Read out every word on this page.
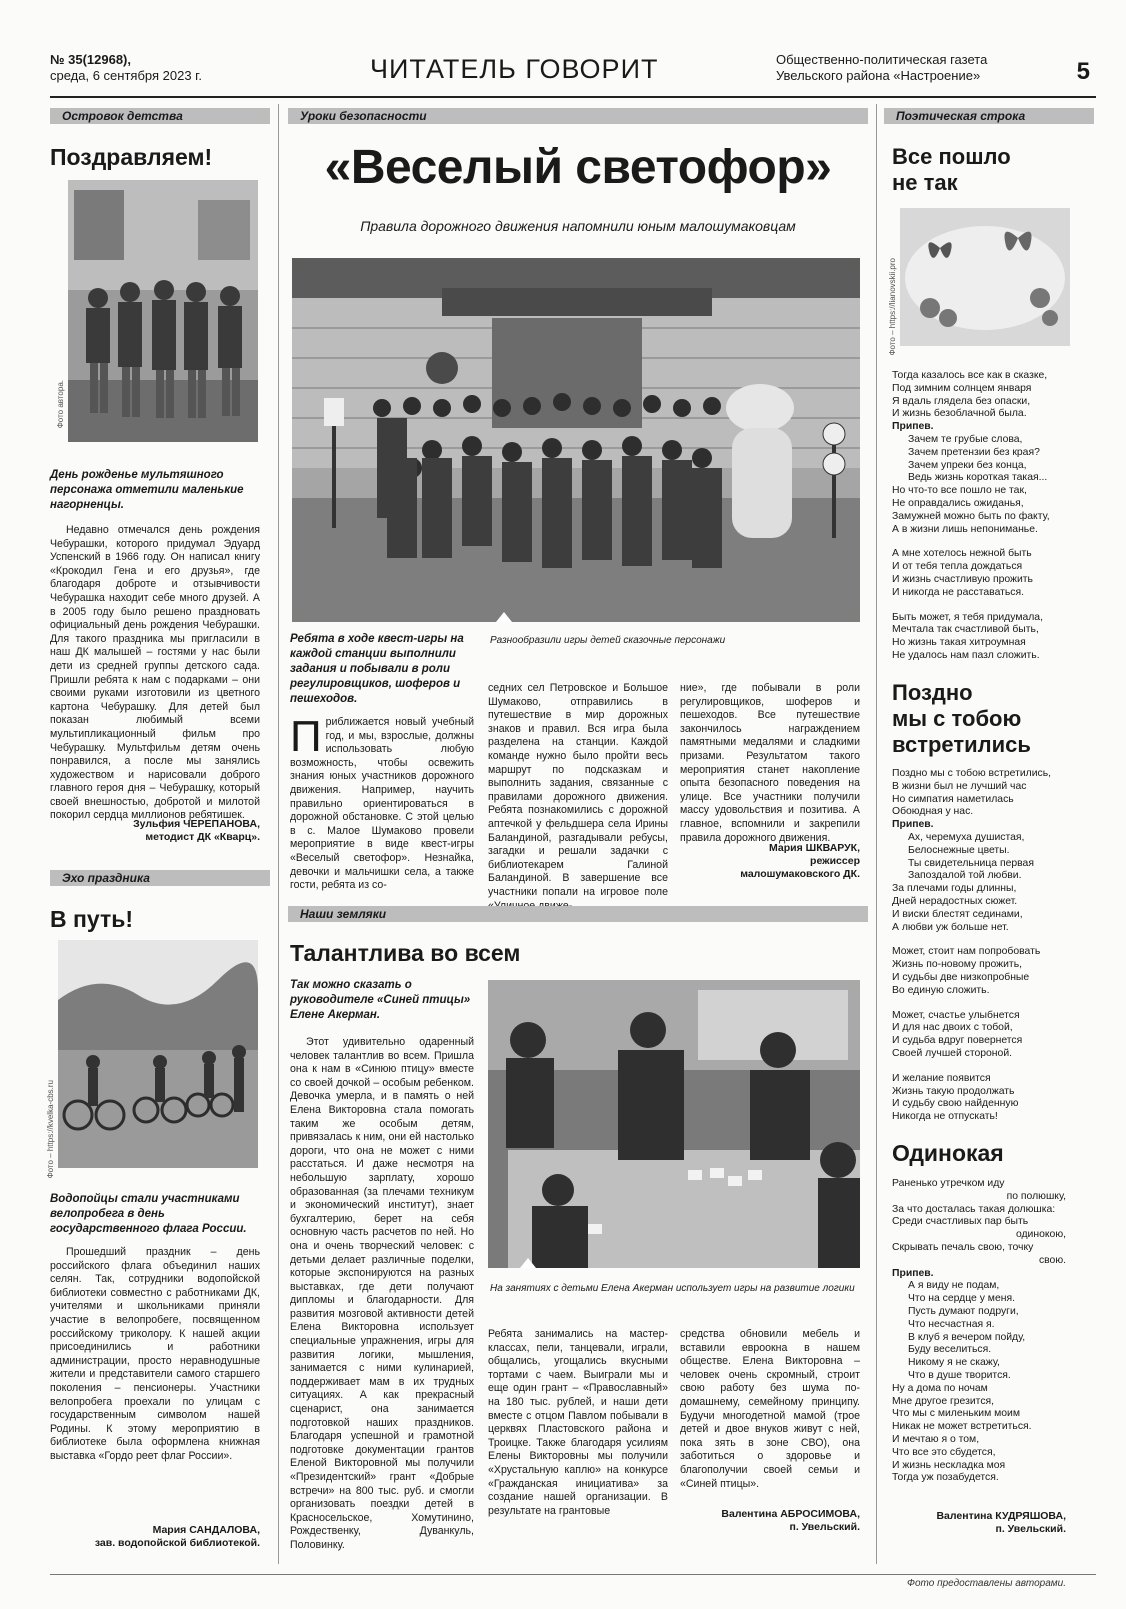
№ 35(12968),
среда, 6 сентября 2023 г.	ЧИТАТЕЛЬ ГОВОРИТ	Общественно-политическая газета
Увельского района «Настроение»	5
Островок детства
Поздравляем!
Фото автора.
День рожденье мультяшного персонажа отметили маленькие нагорненцы.

Недавно отмечался день рождения Чебурашки, которого придумал Эдуард Успенский в 1966 году. Он написал книгу «Крокодил Гена и его друзья», где благодаря доброте и отзывчивости Чебурашка находит себе много друзей. А в 2005 году было решено праздновать официальный день рождения Чебурашки. Для такого праздника мы пригласили в наш ДК малышей – гостями у нас были дети из средней группы детского сада. Пришли ребята к нам с подарками – они своими руками изготовили из цветного картона Чебурашку. Для детей был показан любимый всеми мультипликационный фильм про Чебурашку. Мультфильм детям очень понравился, а после мы занялись художеством и нарисовали доброго главного героя дня – Чебурашку, который своей внешностью, добротой и милотой покорил сердца миллионов ребятишек.

Зульфия ЧЕРЕПАНОВА,
методист ДК «Кварц».
Эхо праздника
В путь!
Фото – https://kvelka-cbs.ru
Водопойцы стали участниками велопробега в день государственного флага России.

Прошедший праздник – день российского флага объединил наших селян. Так, сотрудники водопойской библиотеки совместно с работниками ДК, учителями и школьниками приняли участие в велопробеге, посвященном российскому триколору. К нашей акции присоединились и работники администрации, просто неравнодушные жители и представители самого старшего поколения – пенсионеры. Участники велопробега проехали по улицам с государственным символом нашей Родины. К этому мероприятию в библиотеке была оформлена книжная выставка «Гордо реет флаг России».

Мария САНДАЛОВА,
зав. водопойской библиотекой.
Уроки безопасности
«Веселый светофор»
Правила дорожного движения напомнили юным малошумаковцам
Ребята в ходе квест-игры на каждой станции выполнили задания и побывали в роли регулировщиков, шоферов и пешеходов.
Разнообразили игры детей сказочные персонажи
Приближается новый учебный год, и мы, взрослые, должны использовать любую возможность, чтобы освежить знания юных участников дорожного движения. Например, научить правильно ориентироваться в дорожной обстановке. С этой целью в с. Малое Шумаково провели мероприятие в виде квест-игры «Веселый светофор». Незнайка, девочки и мальчишки села, а также гости, ребята из со-
седних сел Петровское и Большое Шумаково, отправились в путешествие в мир дорожных знаков и правил. Вся игра была разделена на станции. Каждой команде нужно было пройти весь маршрут по подсказкам и выполнить задания, связанные с правилами дорожного движения. Ребята познакомились с дорожной аптечкой у фельдшера села Ирины Баландиной, разгадывали ребусы, загадки и решали задачки с библиотекарем Галиной Баландиной. В завершение все участники попали на игровое поле
ние», где побывали в роли регулировщиков, шоферов и пешеходов. Все путешествие закончилось награждением памятными медалями и сладкими призами. Результатом такого мероприятия станет накопление опыта безопасного поведения на улице. Все участники получили массу удовольствия и позитива. А главное, вспомнили и закрепили правила дорожного движения.
Мария ШКВАРУК,
режиссер
малошумаковского ДК.
Наши земляки
Талантлива во всем
Так можно сказать о руководителе «Синей птицы» Елене Акерман.
На занятиях с детьми Елена Акерман использует игры на развитие логики

Этот удивительно одаренный человек талантлив во всем. Пришла она к нам в «Синюю птицу» вместе со своей дочкой – особым ребенком. Девочка умерла, и в память о ней Елена Викторовна стала помогать таким же особым детям, привязалась к ним, они ей настолько дороги, что она не может с ними расстаться. И даже несмотря на небольшую зарплату, хорошо образованная (за плечами техникум и экономический институт), знает бухгалтерию, берет на себя основную часть расчетов по ней. Но она и очень творческий человек: с детьми делает различные поделки, которые экспонируются на разных выставках, где дети получают дипломы и благодарности. Для развития мозговой активности детей Елена Викторовна использует специальные упражнения, игры для развития логики, мышления, занимается с ними кулинарией, поддерживает мам в их трудных ситуациях. А как прекрасный сценарист, она занимается подготовкой наших праздников. Благодаря успешной и грамотной подготовке документации грантов Еленой Викторовной мы получили «Президентский» грант «Добрые встречи» на 800 тыс. руб. и смогли организовать поездки детей в Красносельское, Хомутинино, Рождественку, Дуванкуль, Половинку.

Ребята занимались на мастер-классах, пели, танцевали, играли, общались, угощались вкусными тортами с чаем. Выиграли мы и еще один грант – «Православный» на 180 тыс. рублей, и наши дети вместе с отцом Павлом побывали в церквях Пластовского района и Троицке. Также благодаря усилиям Елены Викторовны мы получили «Хрустальную каплю» на конкурсе «Гражданская инициатива» за создание нашей организации. В результате на грантовые
средства обновили мебель и вставили евроокна в нашем обществе. Елена Викторовна – человек очень скромный, строит свою работу без шума по-домашнему, семейному принципу. Будучи многодетной мамой (трое детей и двое внуков живут с ней, пока зять в зоне СВО), она заботиться о здоровье и благополучии своей семьи и «Синей птицы».
Валентина АБРОСИМОВА,
п. Увельский.
Поэтическая строка
Все пошло
не так
Фото – https://lianovskii.pro
Тогда казалось все как в сказке,
Под зимним солнцем января
Я вдаль глядела без опаски,
И жизнь безоблачной была.
Припев.
Зачем те грубые слова,
Зачем претензии без края?
Зачем упреки без конца,
Ведь жизнь короткая такая...
Но что-то все пошло не так,
Не оправдались ожиданья,
Замужней можно быть по факту,
А в жизни лишь непониманье.
А мне хотелось нежной быть
И от тебя тепла дождаться
И жизнь счастливую прожить
И никогда не расставаться.
Быть может, я тебя придумала,
Мечтала так счастливой быть,
Но жизнь такая хитроумная
Не удалось нам пазл сложить.
Поздно
мы с тобою
встретились
Поздно мы с тобою встретились,
В жизни был не лучший час
Но симпатия наметилась
Обоюдная у нас.
Припев.
Ах, черемуха душистая,
Белоснежные цветы.
Ты свидетельница первая
Запоздалой той любви.
За плечами годы длинны,
Дней нерадостных сюжет.
И виски блестят сединами,
А любви уж больше нет.
Может, стоит нам попробовать
Жизнь по-новому прожить,
И судьбы две низкопробные
Во единую сложить.
Может, счастье улыбнется
И для нас двоих с тобой,
И судьба вдруг повернется
Своей лучшей стороной.
И желание появится
Жизнь такую продолжать
И судьбу свою найденную
Никогда не отпускать!
Одинокая
Раненько утречком иду
по полюшку,
За что досталась такая долюшка:
Среди счастливых пар быть
одинокою,
Скрывать печаль свою, точку
свою.
Припев.
А я виду не подам,
Что на сердце у меня.
Пусть думают подруги,
Что несчастная я.
В клуб я вечером пойду,
Буду веселиться.
Никому я не скажу,
Что в душе творится.
Ну а дома по ночам
Мне другое грезится,
Что мы с миленьким моим
Никак не может встретиться.
И мечтаю я о том,
Что все это сбудется,
И жизнь нескладка моя
Тогда уж позабудется.
Валентина КУДРЯШОВА,
п. Увельский.
Фото предоставлены авторами.
